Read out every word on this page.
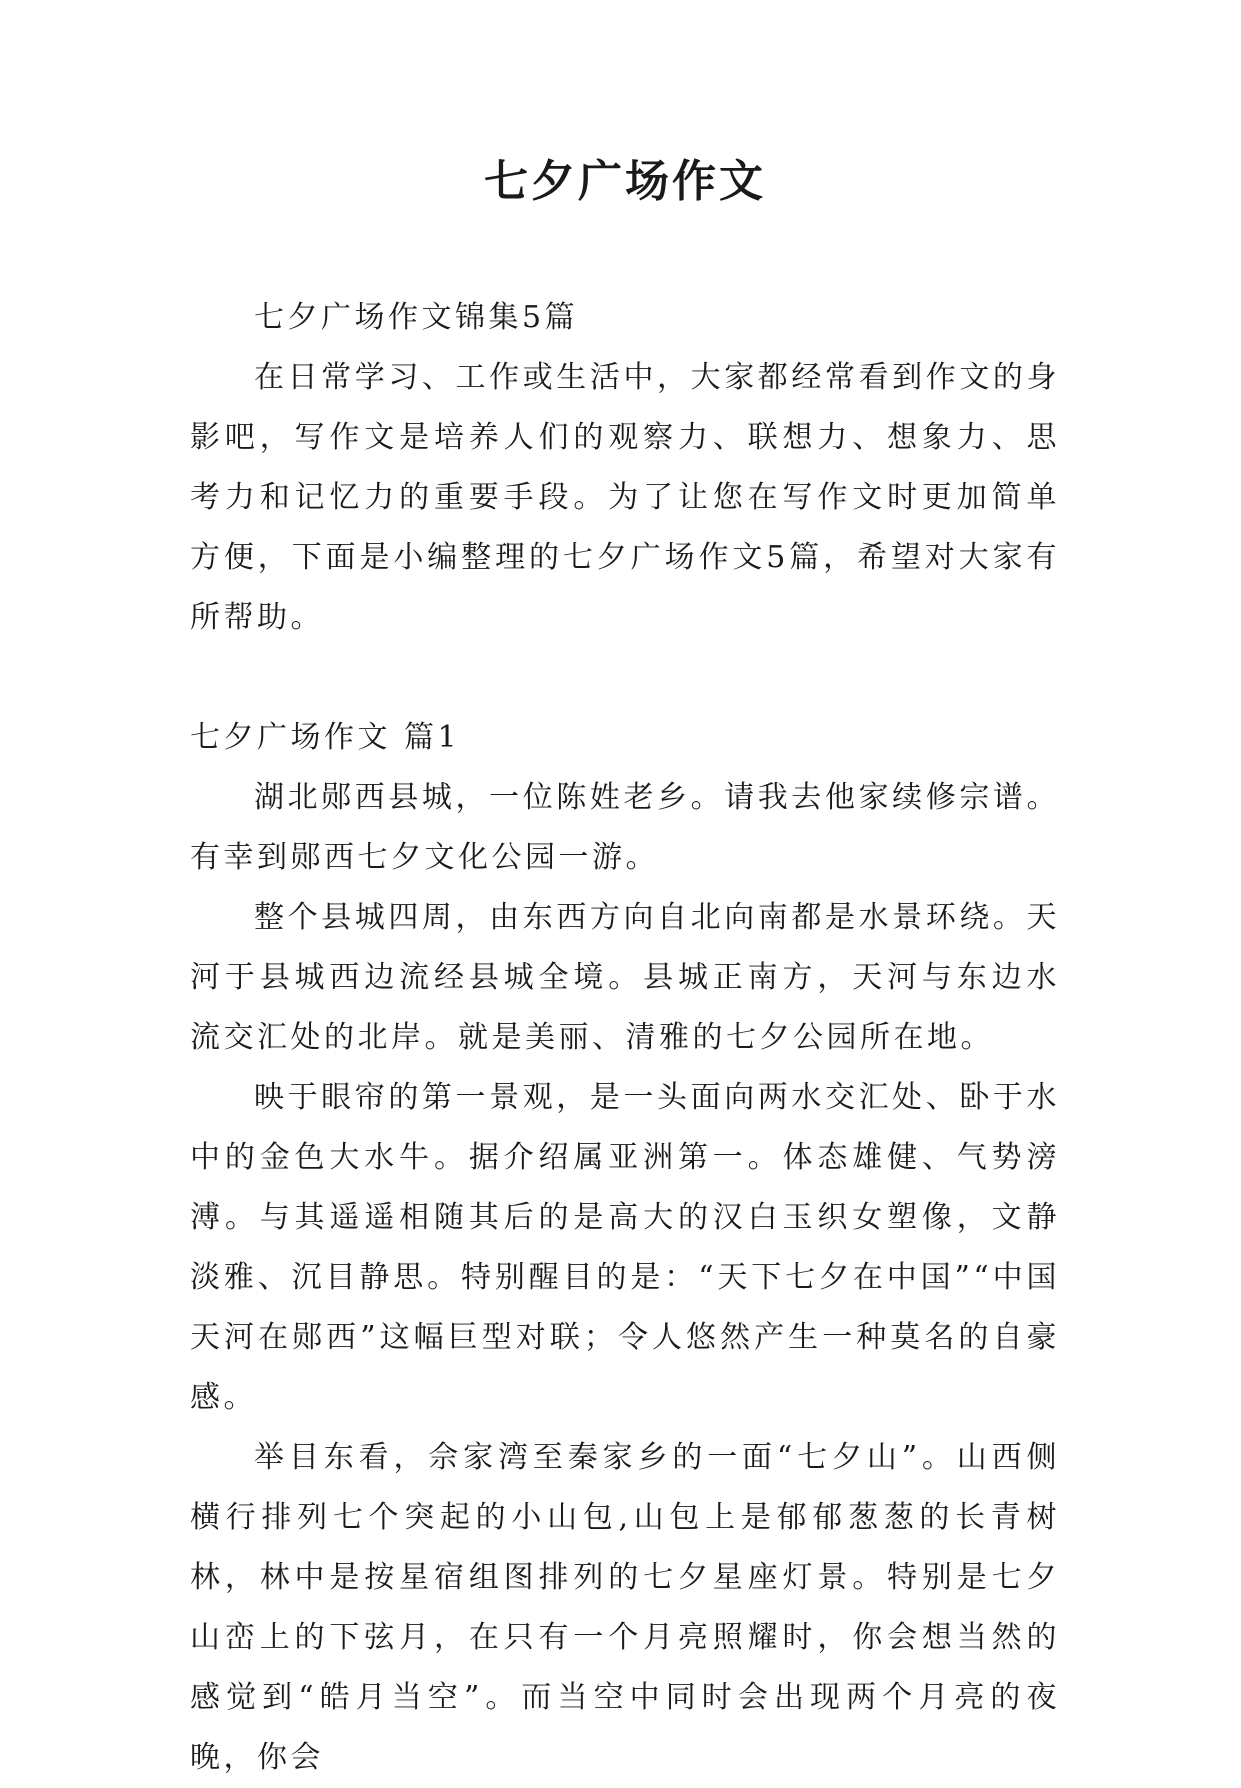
七夕广场作文

七夕广场作文锦集5篇

在日常学习、工作或生活中，大家都经常看到作文的身影吧，写作文是培养人们的观察力、联想力、想象力、思考力和记忆力的重要手段。为了让您在写作文时更加简单方便，下面是小编整理的七夕广场作文5篇，希望对大家有所帮助。

七夕广场作文 篇1

湖北郧西县城，一位陈姓老乡。请我去他家续修宗谱。有幸到郧西七夕文化公园一游。

整个县城四周，由东西方向自北向南都是水景环绕。天河于县城西边流经县城全境。县城正南方，天河与东边水流交汇处的北岸。就是美丽、清雅的七夕公园所在地。

映于眼帘的第一景观，是一头面向两水交汇处、卧于水中的金色大水牛。据介绍属亚洲第一。体态雄健、气势滂溥。与其遥遥相随其后的是高大的汉白玉织女塑像，文静淡雅、沉目静思。特别醒目的是：“天下七夕在中国”“中国天河在郧西”这幅巨型对联；令人悠然产生一种莫名的自豪感。

举目东看，佘家湾至秦家乡的一面“七夕山”。山西侧横行排列七个突起的小山包,山包上是郁郁葱葱的长青树林，林中是按星宿组图排列的七夕星座灯景。特别是七夕山峦上的下弦月，在只有一个月亮照耀时，你会想当然的感觉到“皓月当空”。而当空中同时会出现两个月亮的夜晚，你会
